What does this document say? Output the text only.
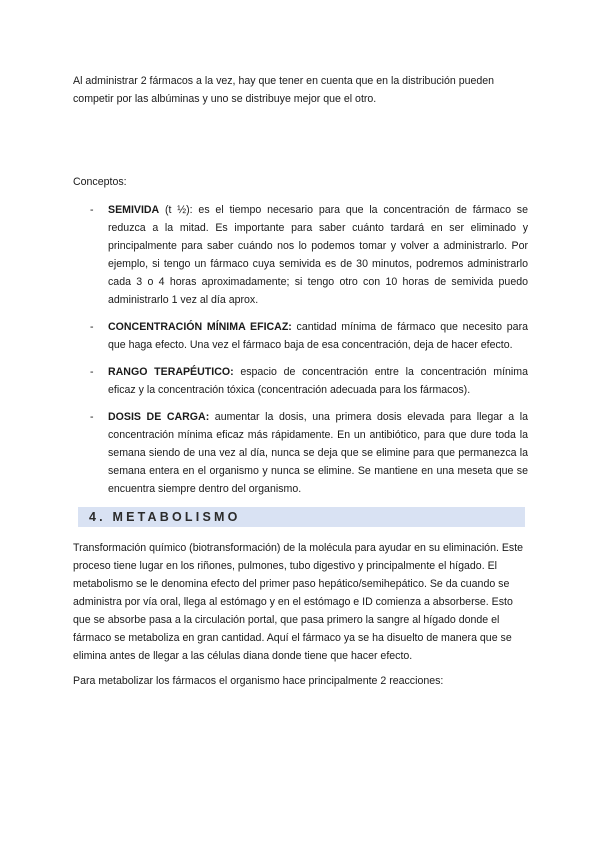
Al administrar 2 fármacos a la vez, hay que tener en cuenta que en la distribución pueden competir por las albúminas y uno se distribuye mejor que el otro.

Conceptos:

- SEMIVIDA (t ½): es el tiempo necesario para que la concentración de fármaco se reduzca a la mitad. Es importante para saber cuánto tardará en ser eliminado y principalmente para saber cuándo nos lo podemos tomar y volver a administrarlo. Por ejemplo, si tengo un fármaco cuya semivida es de 30 minutos, podremos administrarlo cada 3 o 4 horas aproximadamente; si tengo otro con 10 horas de semivida puedo administrarlo 1 vez al día aprox.
- CONCENTRACIÓN MÍNIMA EFICAZ: cantidad mínima de fármaco que necesito para que haga efecto. Una vez el fármaco baja de esa concentración, deja de hacer efecto.
- RANGO TERAPÉUTICO: espacio de concentración entre la concentración mínima eficaz y la concentración tóxica (concentración adecuada para los fármacos).
- DOSIS DE CARGA: aumentar la dosis, una primera dosis elevada para llegar a la concentración mínima eficaz más rápidamente. En un antibiótico, para que dure toda la semana siendo de una vez al día, nunca se deja que se elimine para que permanezca la semana entera en el organismo y nunca se elimine. Se mantiene en una meseta que se encuentra siempre dentro del organismo.
4. METABOLISMO

Transformación químico (biotransformación) de la molécula para ayudar en su eliminación. Este proceso tiene lugar en los riñones, pulmones, tubo digestivo y principalmente el hígado. El metabolismo se le denomina efecto del primer paso hepático/semihepático. Se da cuando se administra por vía oral, llega al estómago y en el estómago e ID comienza a absorberse. Esto que se absorbe pasa a la circulación portal, que pasa primero la sangre al hígado donde el fármaco se metaboliza en gran cantidad. Aquí el fármaco ya se ha disuelto de manera que se elimina antes de llegar a las células diana donde tiene que hacer efecto.

Para metabolizar los fármacos el organismo hace principalmente 2 reacciones:
